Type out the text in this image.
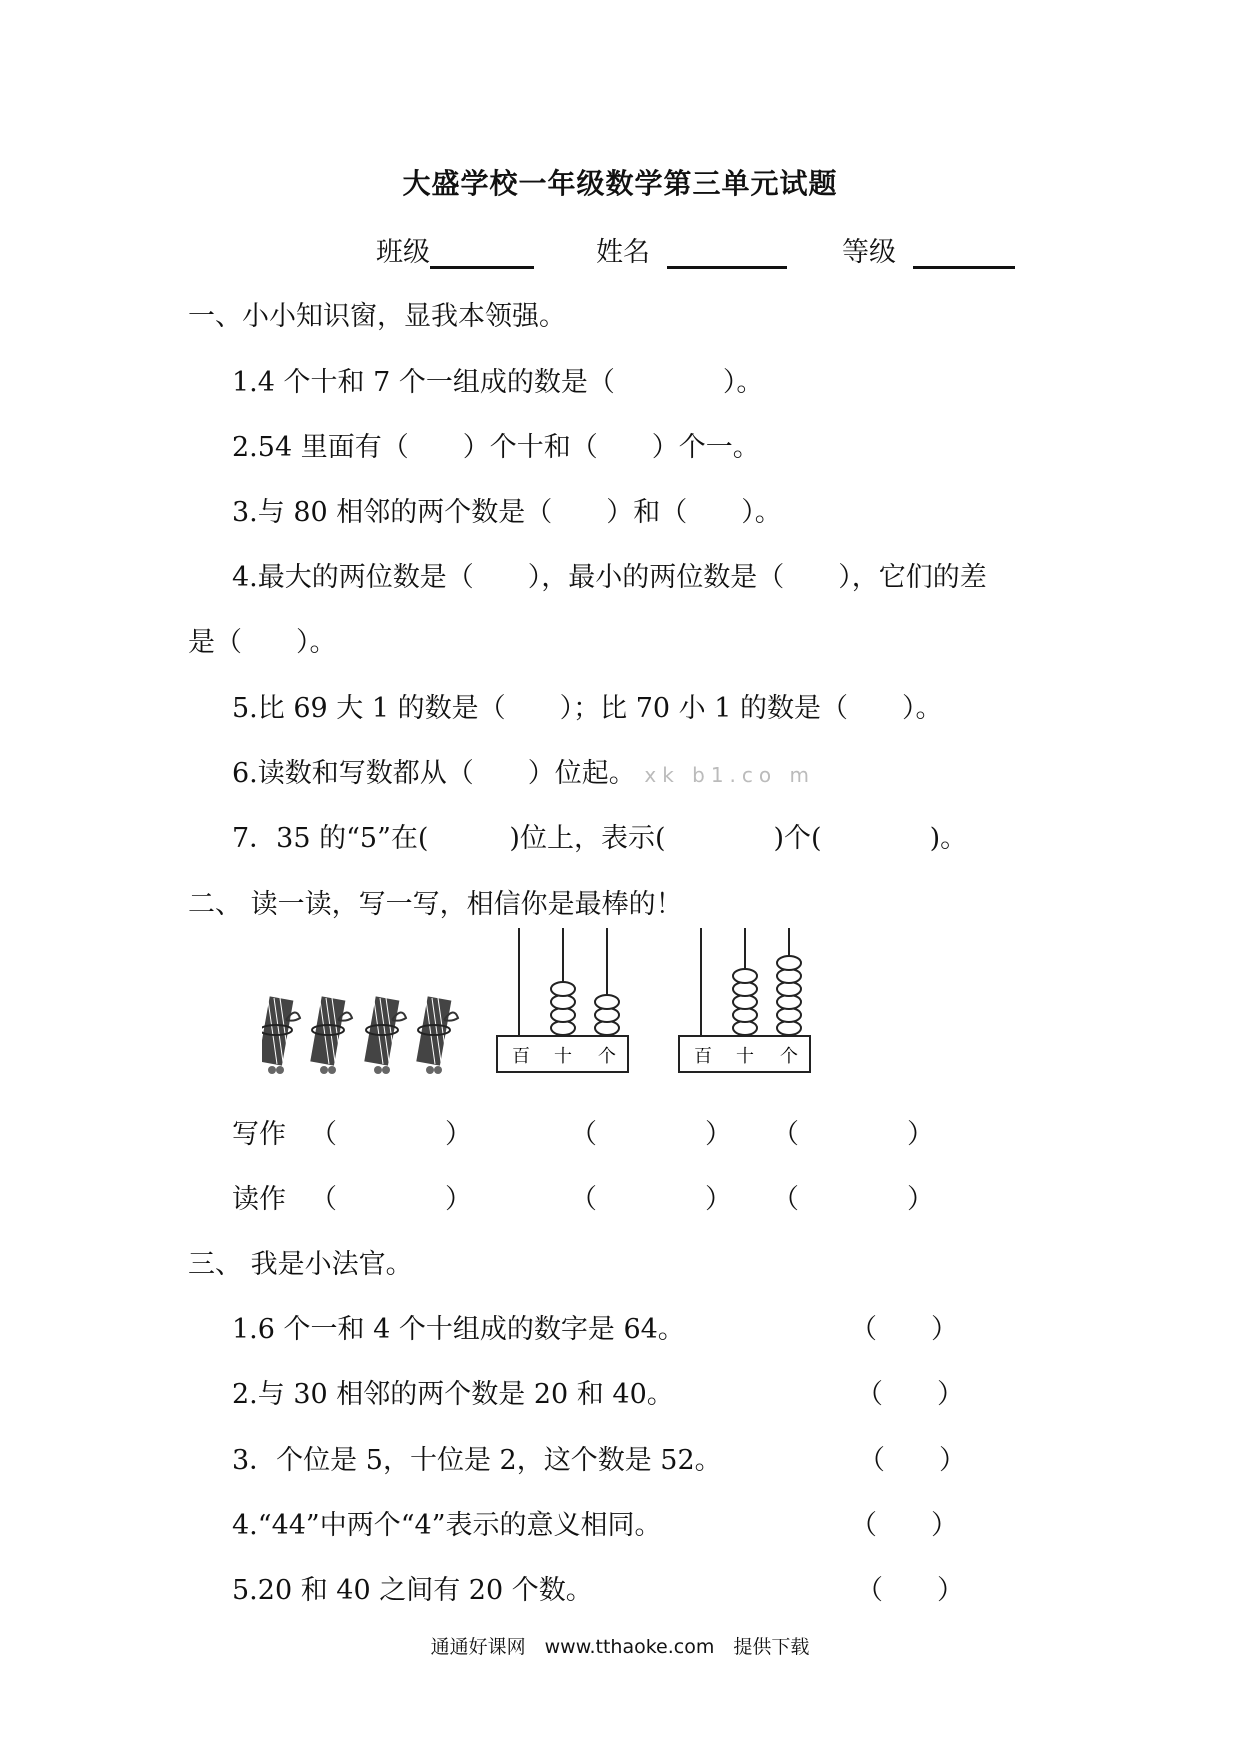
大盛学校一年级数学第三单元试题
班级	姓名	等级
一、小小知识窗，显我本领强。
1.4 个十和 7 个一组成的数是（　　　　）。
2.54 里面有（　　）个十和（　　）个一。
3.与 80 相邻的两个数是（　　）和（　　）。
4.最大的两位数是（　　），最小的两位数是（　　），它们的差
是（　　）。
5.比 69 大 1 的数是（　　）；比 70 小 1 的数是（　　）。
6.读数和写数都从（　　）位起。 xk b1.co m
7．35 的“5”在(　　　)位上，表示(　　　　)个(　　　　)。
二、 读一读，写一写，相信你是最棒的！
百 十 个	百 十 个
写作 （　　　　）	（　　　　） （　　　　）
读作 （　　　　）	（　　　　） （　　　　）
三、 我是小法官。
1.6 个一和 4 个十组成的数字是 64。	（　　）
2.与 30 相邻的两个数是 20 和 40。	（　　）
3．个位是 5，十位是 2，这个数是 52。	（　　）
4.“44”中两个“4”表示的意义相同。	（　　）
5.20 和 40 之间有 20 个数。	（　　）
通通好课网　www.tthaoke.com　提供下载
